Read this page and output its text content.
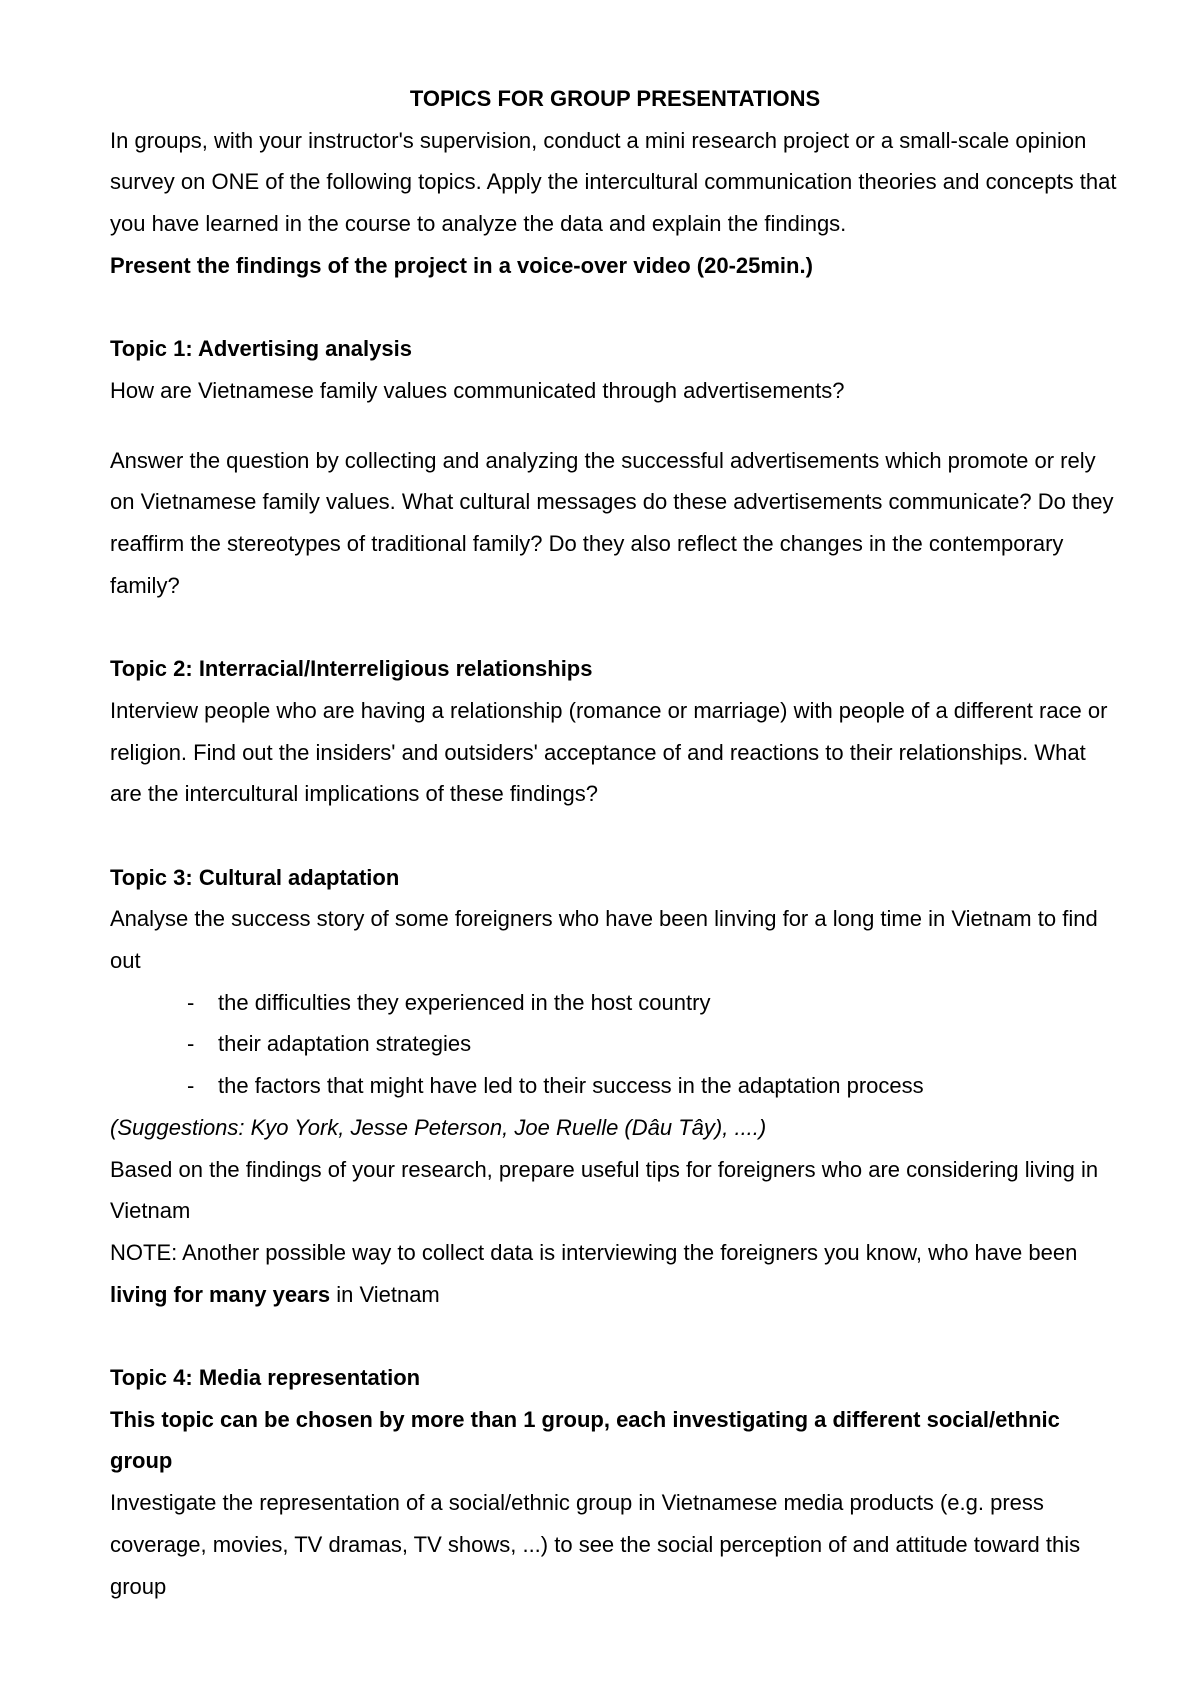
TOPICS FOR GROUP PRESENTATIONS

In groups, with your instructor's supervision, conduct a mini research project or a small-scale opinion survey on ONE of the following topics. Apply the intercultural communication theories and concepts that you have learned in the course to analyze the data and explain the findings.

Present the findings of the project in a voice-over video (20-25min.)

Topic 1: Advertising analysis

How are Vietnamese family values communicated through advertisements?

Answer the question by collecting and analyzing the successful advertisements which promote or rely on Vietnamese family values. What cultural messages do these advertisements communicate? Do they reaffirm the stereotypes of traditional family? Do they also reflect the changes in the contemporary family?

Topic 2: Interracial/Interreligious relationships

Interview people who are having a relationship (romance or marriage) with people of a different race or religion. Find out the insiders' and outsiders' acceptance of and reactions to their relationships. What are the intercultural implications of these findings?

Topic 3: Cultural adaptation

Analyse the success story of some foreigners who have been linving for a long time in Vietnam to find out

- the difficulties they experienced in the host country
- their adaptation strategies
- the factors that might have led to their success in the adaptation process

(Suggestions: Kyo York, Jesse Peterson, Joe Ruelle (Dâu Tây), ....)

Based on the findings of your research, prepare useful tips for foreigners who are considering living in Vietnam

NOTE: Another possible way to collect data is interviewing the foreigners you know, who have been living for many years in Vietnam

Topic 4: Media representation

This topic can be chosen by more than 1 group, each investigating a different social/ethnic group

Investigate the representation of a social/ethnic group in Vietnamese media products (e.g. press coverage, movies, TV dramas, TV shows, ...) to see the social perception of and attitude toward this group
